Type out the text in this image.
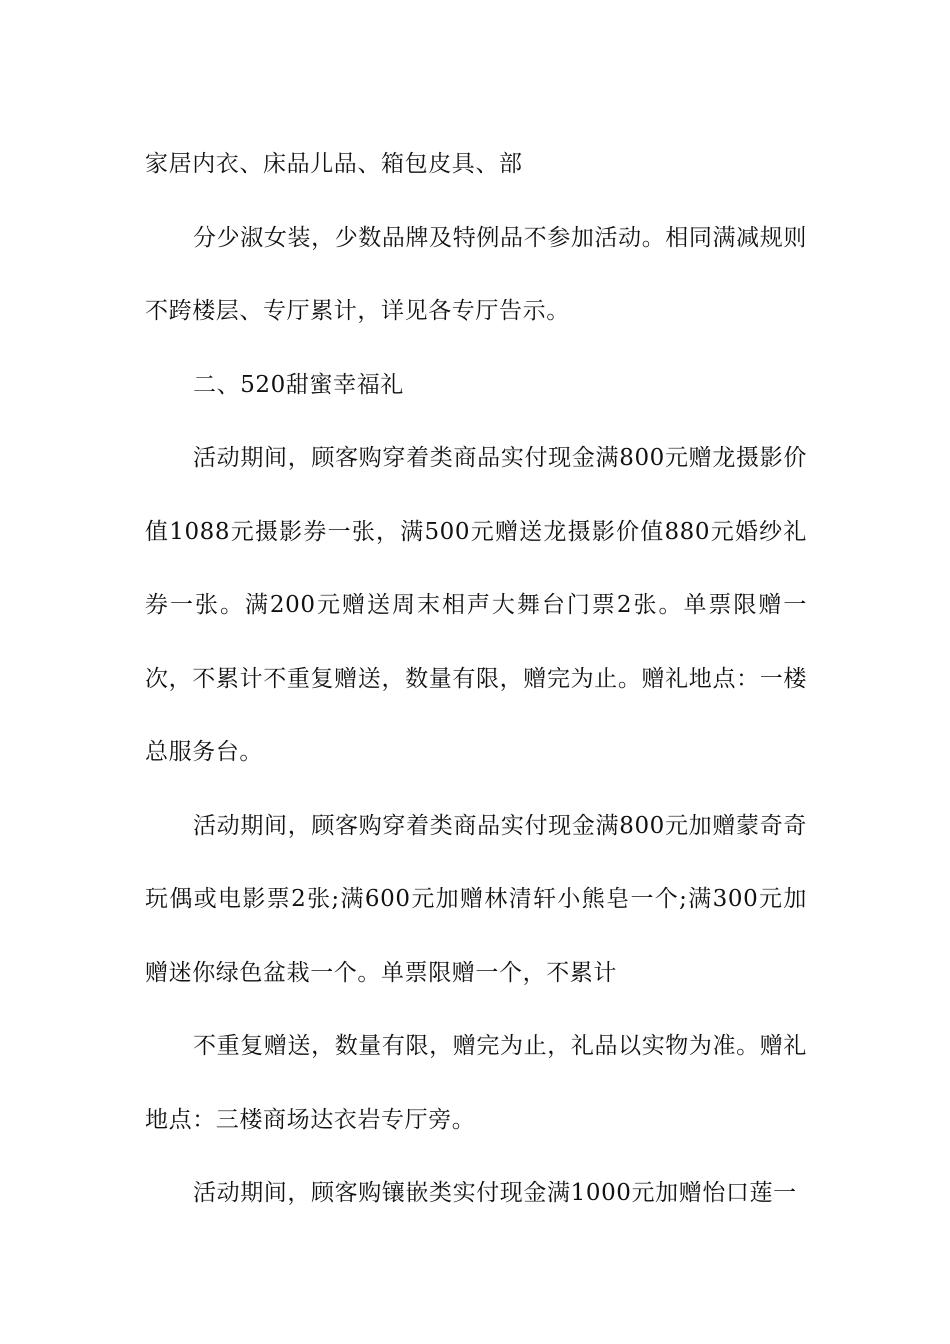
家居内衣、床品儿品、箱包皮具、部

分少淑女装，少数品牌及特例品不参加活动。相同满减规则不跨楼层、专厅累计，详见各专厅告示。

二、520甜蜜幸福礼

活动期间，顾客购穿着类商品实付现金满800元赠龙摄影价值1088元摄影券一张，满500元赠送龙摄影价值880元婚纱礼券一张。满200元赠送周末相声大舞台门票2张。单票限赠一次，不累计不重复赠送，数量有限，赠完为止。赠礼地点：一楼总服务台。

活动期间，顾客购穿着类商品实付现金满800元加赠蒙奇奇玩偶或电影票2张;满600元加赠林清轩小熊皂一个;满300元加赠迷你绿色盆栽一个。单票限赠一个，不累计

不重复赠送，数量有限，赠完为止，礼品以实物为准。赠礼地点：三楼商场达衣岩专厅旁。

活动期间，顾客购镶嵌类实付现金满1000元加赠怡口莲一
